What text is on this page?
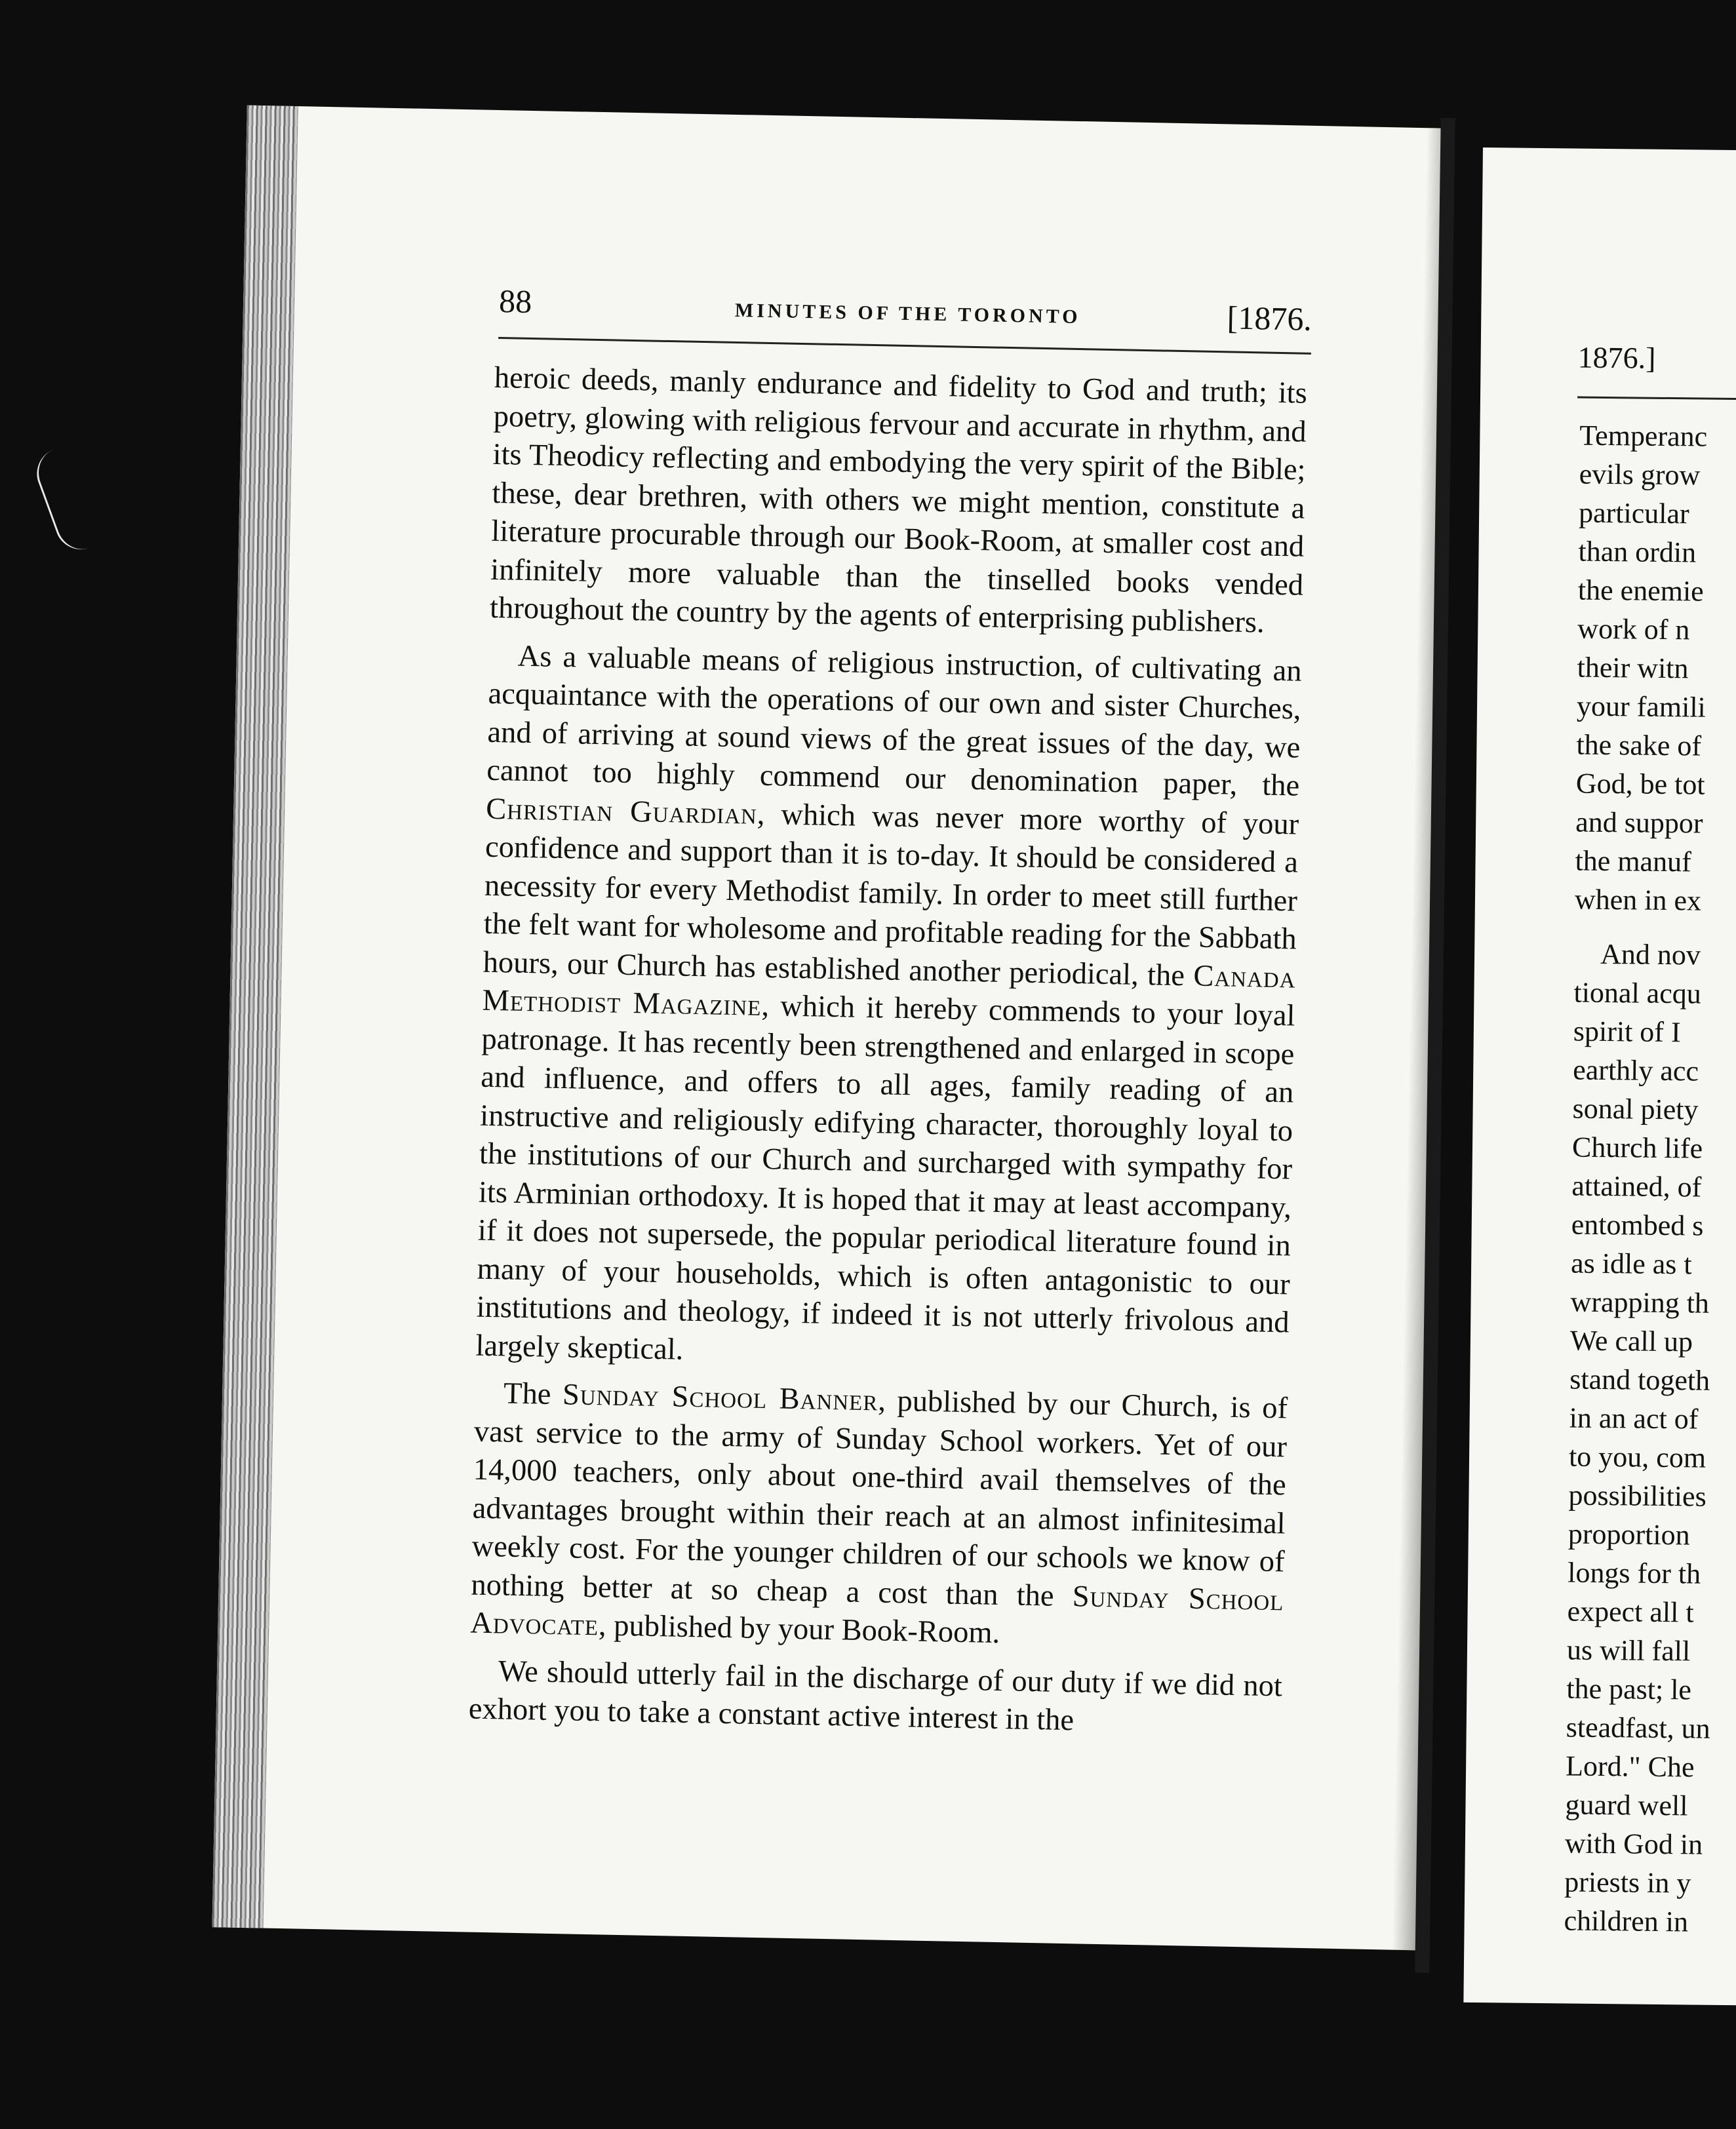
88	MINUTES OF THE TORONTO	[1876.

heroic deeds, manly endurance and fidelity to God and truth; its poetry, glowing with religious fervour and accurate in rhythm, and its Theodicy reflecting and embodying the very spirit of the Bible; these, dear brethren, with others we might mention, constitute a literature procurable through our Book-Room, at smaller cost and infinitely more valuable than the tinselled books vended throughout the country by the agents of enterprising publishers.

As a valuable means of religious instruction, of cultivating an acquaintance with the operations of our own and sister Churches, and of arriving at sound views of the great issues of the day, we cannot too highly commend our denomination paper, the Christian Guardian, which was never more worthy of your confidence and support than it is to-day. It should be considered a necessity for every Methodist family. In order to meet still further the felt want for wholesome and profitable reading for the Sabbath hours, our Church has established another periodical, the Canada Methodist Magazine, which it hereby commends to your loyal patronage. It has recently been strengthened and enlarged in scope and influence, and offers to all ages, family reading of an instructive and religiously edifying character, thoroughly loyal to the institutions of our Church and surcharged with sympathy for its Arminian orthodoxy. It is hoped that it may at least accompany, if it does not supersede, the popular periodical literature found in many of your households, which is often antagonistic to our institutions and theology, if indeed it is not utterly frivolous and largely skeptical.

The Sunday School Banner, published by our Church, is of vast service to the army of Sunday School workers. Yet of our 14,000 teachers, only about one-third avail themselves of the advantages brought within their reach at an almost infinitesimal weekly cost. For the younger children of our schools we know of nothing better at so cheap a cost than the Sunday School Advocate, published by your Book-Room.

We should utterly fail in the discharge of our duty if we did not exhort you to take a constant active interest in the

1876.]
Temperanc
evils grow
particular
than ordin
the enemie
work of n
their witn
your famili
the sake of
God, be tot
and suppor
the manuf
when in ex
And nov
tional acqu
spirit of I
earthly acc
sonal piety
Church life
attained, of
entombed s
as idle as t
wrapping th
We call up
stand togeth
in an act of
to you, com
possibilities
proportion
longs for th
expect all t
us will fall
the past; le
steadfast, un
Lord." Che
guard well
with God in
priests in y
children in
